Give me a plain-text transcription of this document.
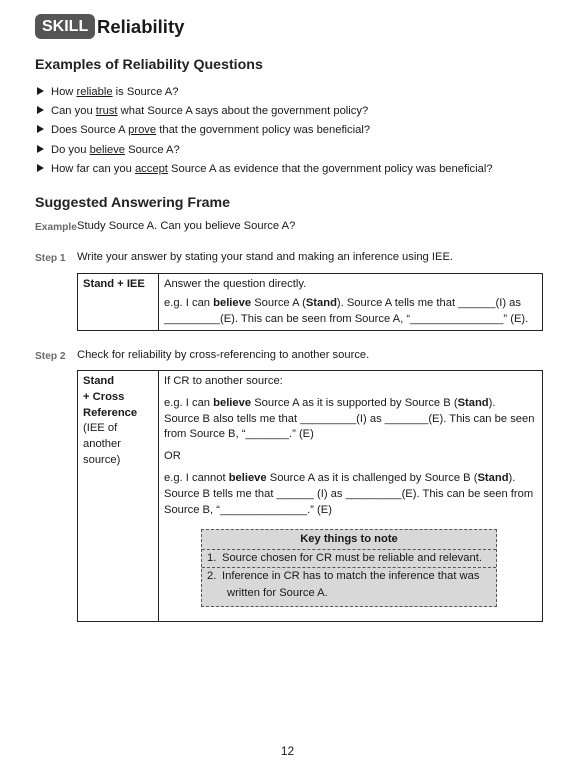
SKILL Reliability
Examples of Reliability Questions
How reliable is Source A?
Can you trust what Source A says about the government policy?
Does Source A prove that the government policy was beneficial?
Do you believe Source A?
How far can you accept Source A as evidence that the government policy was beneficial?
Suggested Answering Frame
Example Study Source A. Can you believe Source A?
Step 1 Write your answer by stating your stand and making an inference using IEE.
Stand + IEE	Answer the question directly.

e.g. I can believe Source A (Stand). Source A tells me that ______(I) as
_________(E). This can be seen from Source A, “_______________” (E).

Step 2 Check for reliability by cross-referencing to another source.
Stand
+ Cross
Reference
(IEE of
another
source)	

If CR to another source:

e.g. I can believe Source A as it is supported by Source B (Stand).
Source B also tells me that _________(I) as _______(E). This can be seen
from Source B, “_______.” (E)

OR

e.g. I cannot believe Source A as it is challenged by Source B (Stand).
Source B tells me that ______ (I) as _________(E). This can be seen from
Source B, “______________.” (E)

Key things to note
1. Source chosen for CR must be reliable and relevant.
2. Inference in CR has to match the inference that was
written for Source A.
12
